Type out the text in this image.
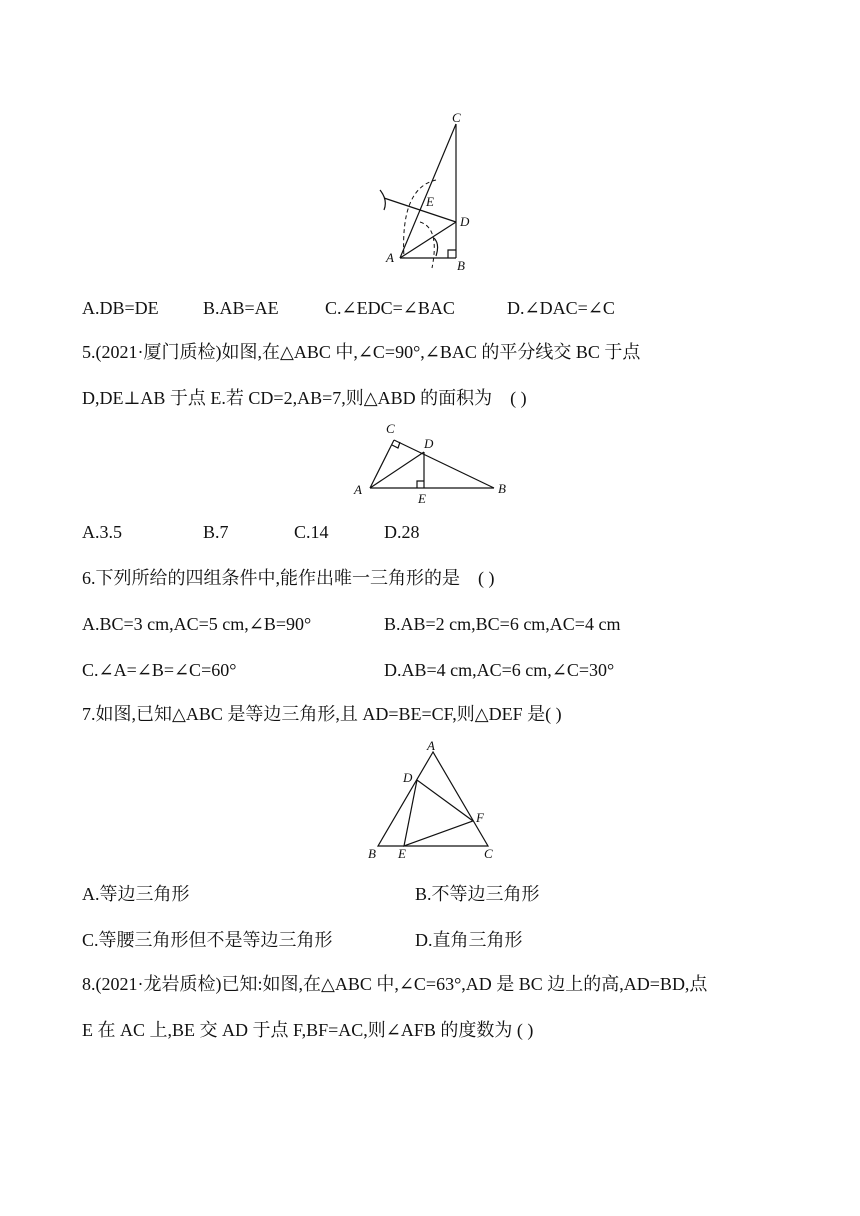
C
E
D
A
B
A.DB=DE B.AB=AE	C.∠EDC=∠BAC	D.∠DAC=∠C

5.(2021·厦门质检)如图,在△ABC 中,∠C=90°,∠BAC 的平分线交 BC 于点

D,DE⊥AB 于点 E.若 CD=2,AB=7,则△ABD 的面积为 ( )

C
D
A
E
B
A.3.5	B.7	C.14	D.28

6.下列所给的四组条件中,能作出唯一三角形的是 ( )

A.BC=3 cm,AC=5 cm,∠B=90°	B.AB=2 cm,BC=6 cm,AC=4 cm
C.∠A=∠B=∠C=60°	D.AB=4 cm,AC=6 cm,∠C=30°

7.如图,已知△ABC 是等边三角形,且 AD=BE=CF,则△DEF 是( )

A
D
F
B E	C
A.等边三角形	B.不等边三角形
C.等腰三角形但不是等边三角形	D.直角三角形

8.(2021·龙岩质检)已知:如图,在△ABC 中,∠C=63°,AD 是 BC 边上的高,AD=BD,点

E 在 AC 上,BE 交 AD 于点 F,BF=AC,则∠AFB 的度数为 ( )
